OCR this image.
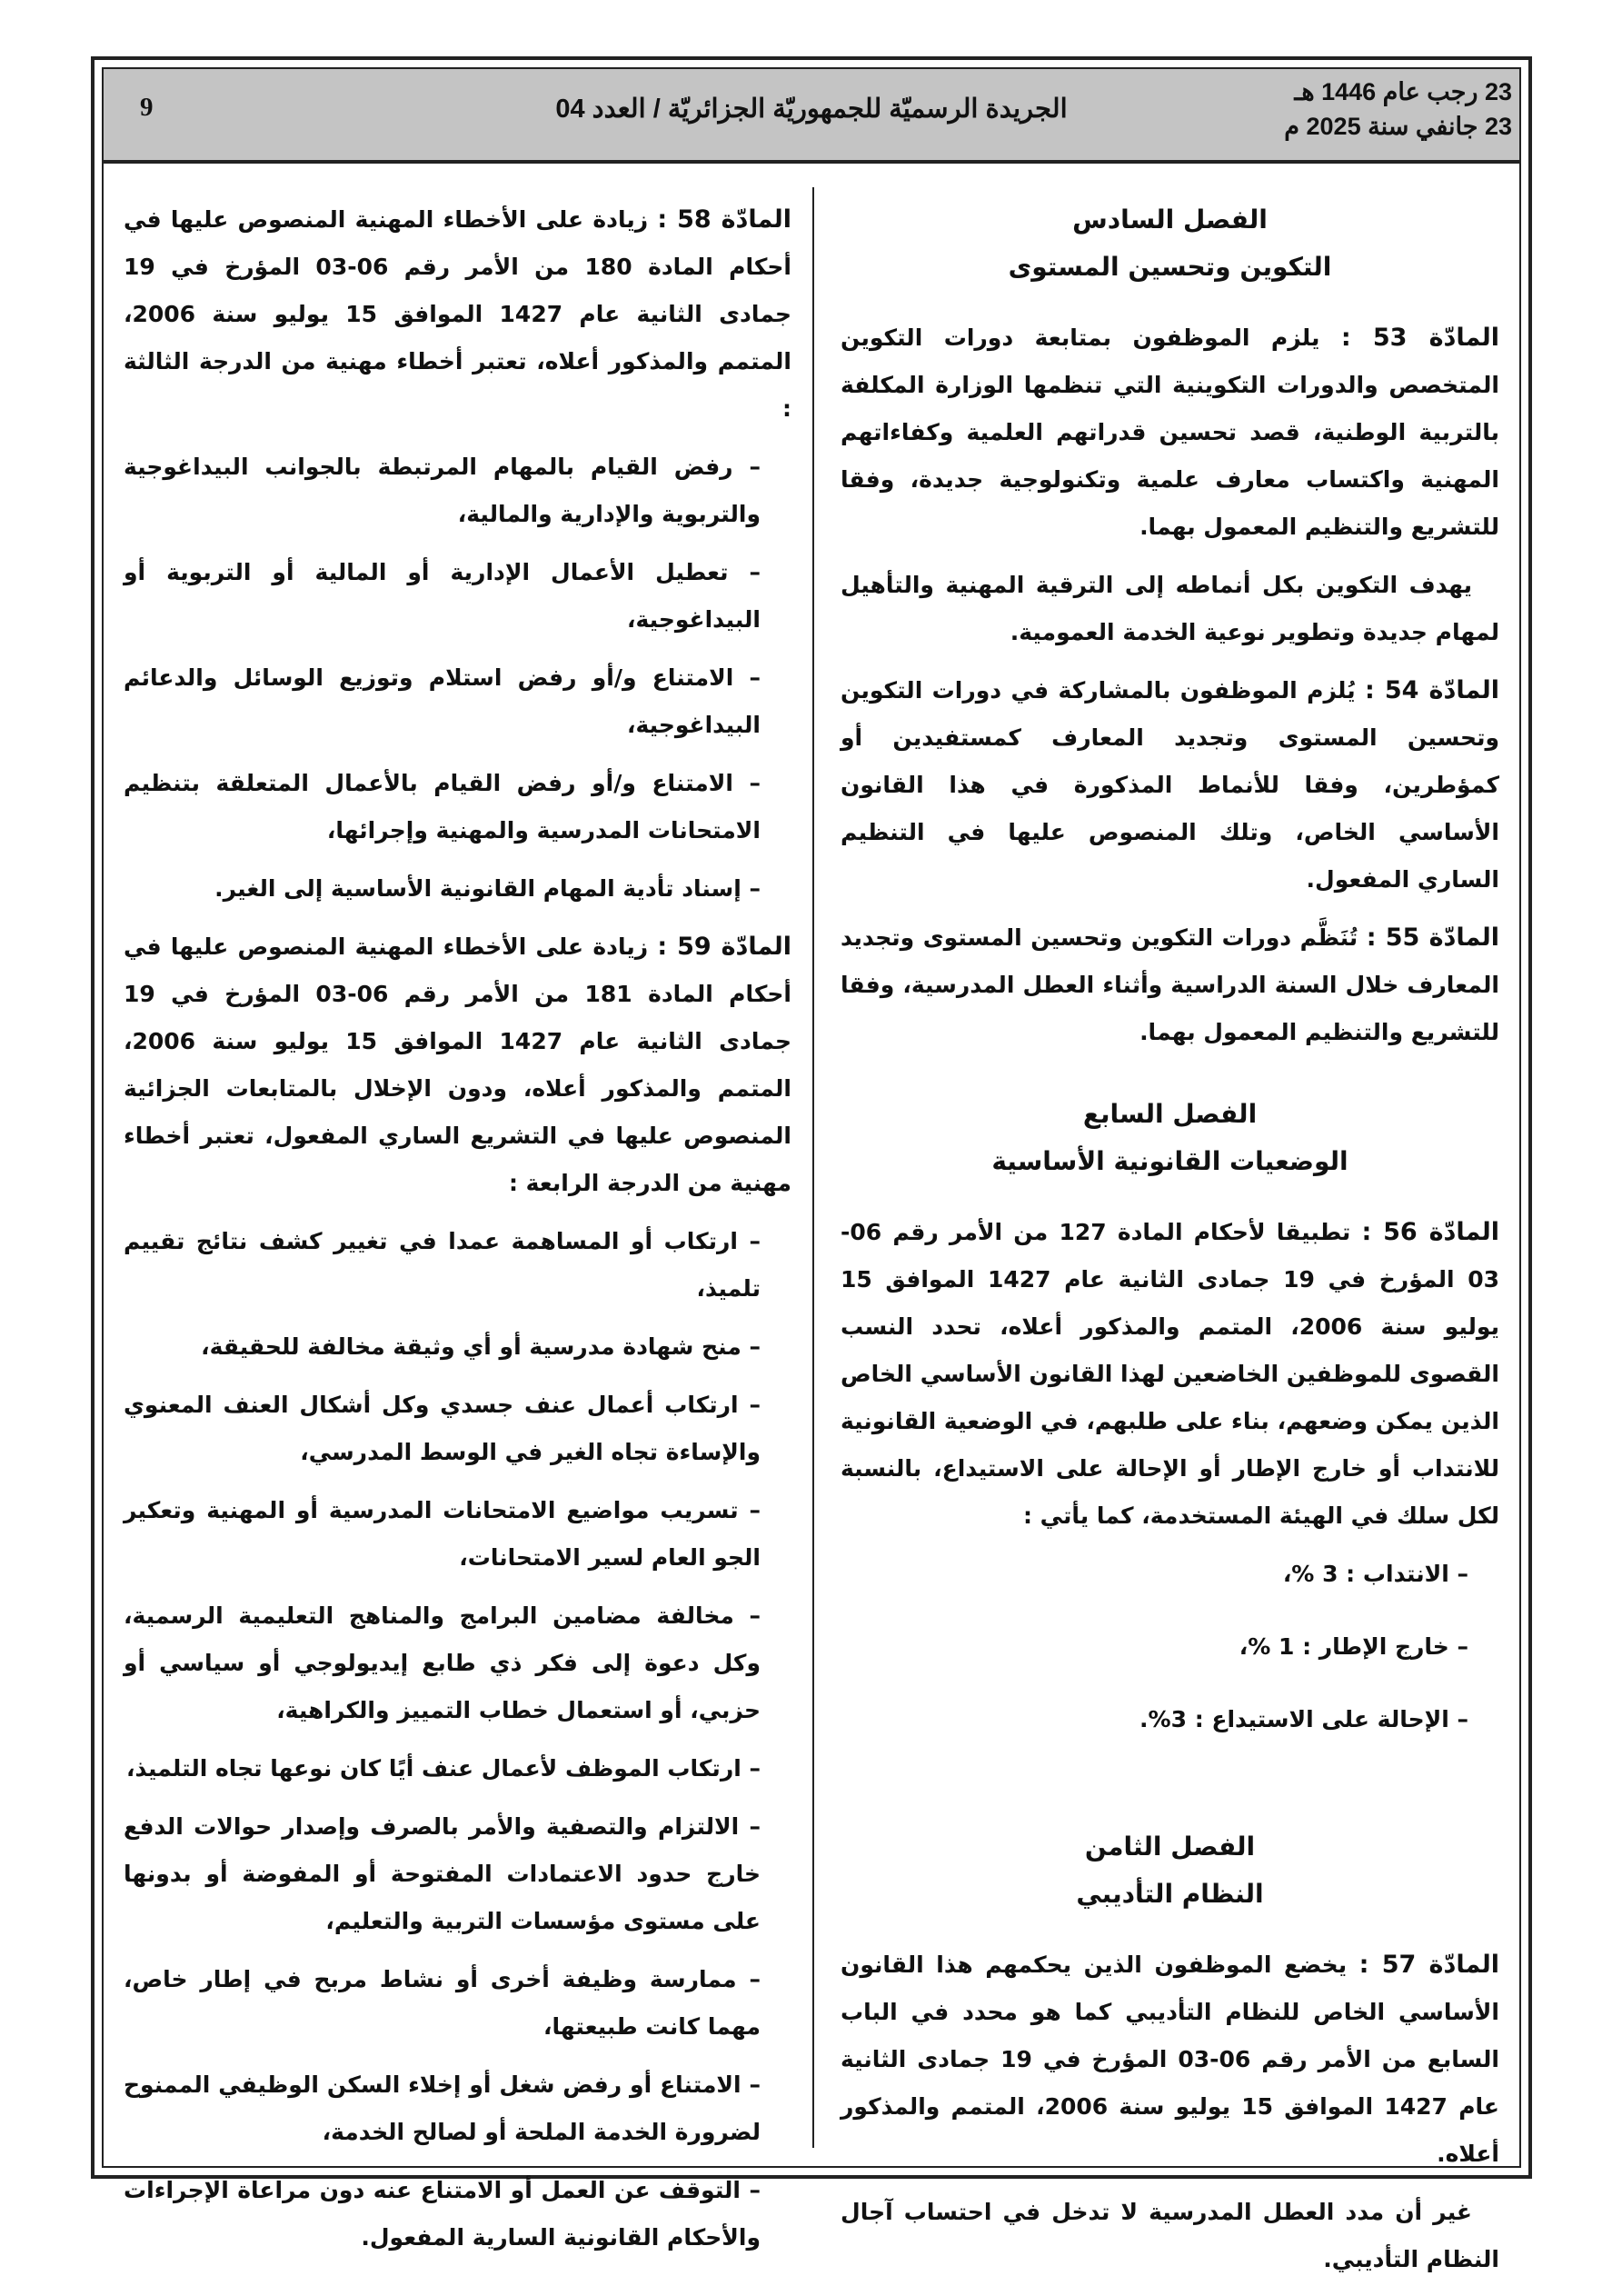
23 رجب عام 1446 هـ
23 جانفي سنة 2025 م
الجريدة الرسميّة للجمهوريّة الجزائريّة / العدد 04
9

الفصل السادس

التكوين وتحسين المستوى

المادّة 53 : يلزم الموظفون بمتابعة دورات التكوين المتخصص والدورات التكوينية التي تنظمها الوزارة المكلفة بالتربية الوطنية، قصد تحسين قدراتهم العلمية وكفاءاتهم المهنية واكتساب معارف علمية وتكنولوجية جديدة، وفقا للتشريع والتنظيم المعمول بهما.

يهدف التكوين بكل أنماطه إلى الترقية المهنية والتأهيل لمهام جديدة وتطوير نوعية الخدمة العمومية.

المادّة 54 : يُلزم الموظفون بالمشاركة في دورات التكوين وتحسين المستوى وتجديد المعارف كمستفيدين أو كمؤطرين، وفقا للأنماط المذكورة في هذا القانون الأساسي الخاص، وتلك المنصوص عليها في التنظيم الساري المفعول.

المادّة 55 : تُنَظَّم دورات التكوين وتحسين المستوى وتجديد المعارف خلال السنة الدراسية وأثناء العطل المدرسية، وفقا للتشريع والتنظيم المعمول بهما.

الفصل السابع

الوضعيات القانونية الأساسية

المادّة 56 : تطبيقا لأحكام المادة 127 من الأمر رقم 06-03 المؤرخ في 19 جمادى الثانية عام 1427 الموافق 15 يوليو سنة 2006، المتمم والمذكور أعلاه، تحدد النسب القصوى للموظفين الخاضعين لهذا القانون الأساسي الخاص الذين يمكن وضعهم، بناء على طلبهم، في الوضعية القانونية للانتداب أو خارج الإطار أو الإحالة على الاستيداع، بالنسبة لكل سلك في الهيئة المستخدمة، كما يأتي :

– الانتداب : 3 %،

– خارج الإطار : 1 %،

– الإحالة على الاستيداع : 3%.

الفصل الثامن

النظام التأديبي

المادّة 57 : يخضع الموظفون الذين يحكمهم هذا القانون الأساسي الخاص للنظام التأديبي كما هو محدد في الباب السابع من الأمر رقم 06-03 المؤرخ في 19 جمادى الثانية عام 1427 الموافق 15 يوليو سنة 2006، المتمم والمذكور أعلاه.

غير أن مدد العطل المدرسية لا تدخل في احتساب آجال النظام التأديبي.

المادّة 58 : زيادة على الأخطاء المهنية المنصوص عليها في أحكام المادة 180 من الأمر رقم 06-03 المؤرخ في 19 جمادى الثانية عام 1427 الموافق 15 يوليو سنة 2006، المتمم والمذكور أعلاه، تعتبر أخطاء مهنية من الدرجة الثالثة :

– رفض القيام بالمهام المرتبطة بالجوانب البيداغوجية والتربوية والإدارية والمالية،

– تعطيل الأعمال الإدارية أو المالية أو التربوية أو البيداغوجية،

– الامتناع و/أو رفض استلام وتوزيع الوسائل والدعائم البيداغوجية،

– الامتناع و/أو رفض القيام بالأعمال المتعلقة بتنظيم الامتحانات المدرسية والمهنية وإجرائها،

– إسناد تأدية المهام القانونية الأساسية إلى الغير.

المادّة 59 : زيادة على الأخطاء المهنية المنصوص عليها في أحكام المادة 181 من الأمر رقم 06-03 المؤرخ في 19 جمادى الثانية عام 1427 الموافق 15 يوليو سنة 2006، المتمم والمذكور أعلاه، ودون الإخلال بالمتابعات الجزائية المنصوص عليها في التشريع الساري المفعول، تعتبر أخطاء مهنية من الدرجة الرابعة :

– ارتكاب أو المساهمة عمدا في تغيير كشف نتائج تقييم تلميذ،

– منح شهادة مدرسية أو أي وثيقة مخالفة للحقيقة،

– ارتكاب أعمال عنف جسدي وكل أشكال العنف المعنوي والإساءة تجاه الغير في الوسط المدرسي،

– تسريب مواضيع الامتحانات المدرسية أو المهنية وتعكير الجو العام لسير الامتحانات،

– مخالفة مضامين البرامج والمناهج التعليمية الرسمية، وكل دعوة إلى فكر ذي طابع إيديولوجي أو سياسي أو حزبي، أو استعمال خطاب التمييز والكراهية،

– ارتكاب الموظف لأعمال عنف أيًا كان نوعها تجاه التلميذ،

– الالتزام والتصفية والأمر بالصرف وإصدار حوالات الدفع خارج حدود الاعتمادات المفتوحة أو المفوضة أو بدونها على مستوى مؤسسات التربية والتعليم،

– ممارسة وظيفة أخرى أو نشاط مربح في إطار خاص، مهما كانت طبيعتها،

– الامتناع أو رفض شغل أو إخلاء السكن الوظيفي الممنوح لضرورة الخدمة الملحة أو لصالح الخدمة،

– التوقف عن العمل أو الامتناع عنه دون مراعاة الإجراءات والأحكام القانونية السارية المفعول.
